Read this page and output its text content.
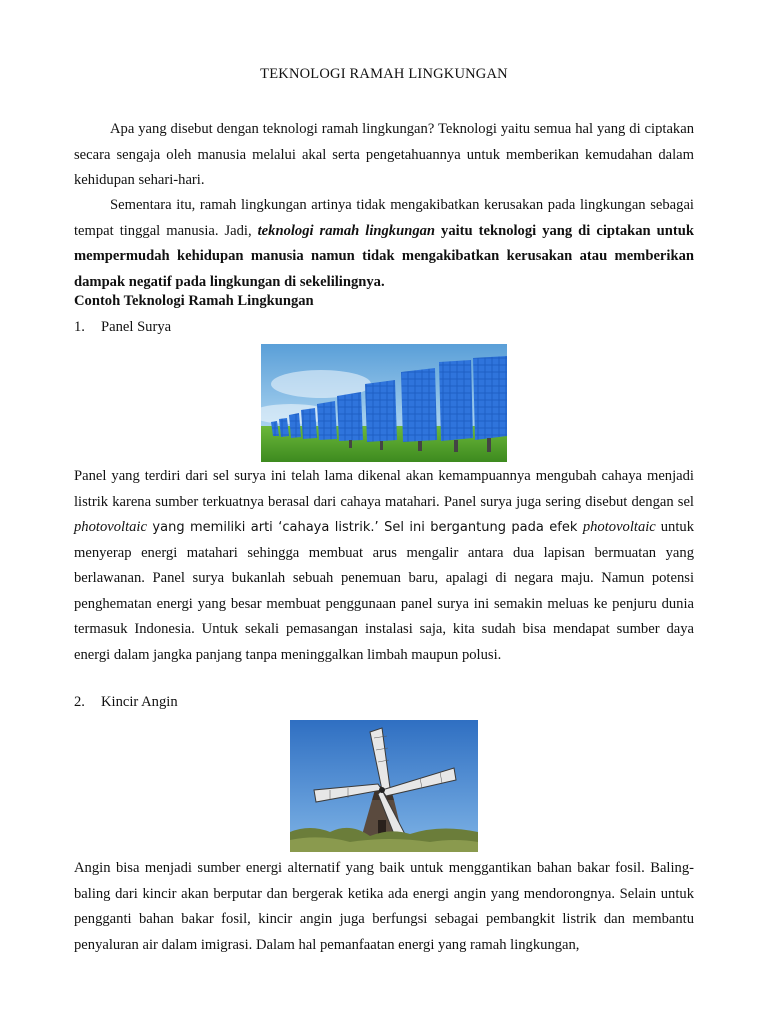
TEKNOLOGI RAMAH LINGKUNGAN

Apa yang disebut dengan teknologi ramah lingkungan? Teknologi yaitu semua hal yang di ciptakan secara sengaja oleh manusia melalui akal serta pengetahuannya untuk memberikan kemudahan dalam kehidupan sehari-hari.

Sementara itu, ramah lingkungan artinya tidak mengakibatkan kerusakan pada lingkungan sebagai tempat tinggal manusia. Jadi, teknologi ramah lingkungan yaitu teknologi yang di ciptakan untuk mempermudah kehidupan manusia namun tidak mengakibatkan kerusakan atau memberikan dampak negatif pada lingkungan di sekelilingnya.

Contoh Teknologi Ramah Lingkungan
1. Panel Surya

Panel yang terdiri dari sel surya ini telah lama dikenal akan kemampuannya mengubah cahaya menjadi listrik karena sumber terkuatnya berasal dari cahaya matahari. Panel surya juga sering disebut dengan sel photovoltaic yang memiliki arti ‘cahaya listrik.’ Sel ini bergantung pada efek photovoltaic untuk menyerap energi matahari sehingga membuat arus mengalir antara dua lapisan bermuatan yang berlawanan. Panel surya bukanlah sebuah penemuan baru, apalagi di negara maju. Namun potensi penghematan energi yang besar membuat penggunaan panel surya ini semakin meluas ke penjuru dunia termasuk Indonesia. Untuk sekali pemasangan instalasi saja, kita sudah bisa mendapat sumber daya energi dalam jangka panjang tanpa meninggalkan limbah maupun polusi.

2. Kincir Angin

Angin bisa menjadi sumber energi alternatif yang baik untuk menggantikan bahan bakar fosil. Baling-baling dari kincir akan berputar dan bergerak ketika ada energi angin yang mendorongnya. Selain untuk pengganti bahan bakar fosil, kincir angin juga berfungsi sebagai pembangkit listrik dan membantu penyaluran air dalam imigrasi. Dalam hal pemanfaatan energi yang ramah lingkungan,
